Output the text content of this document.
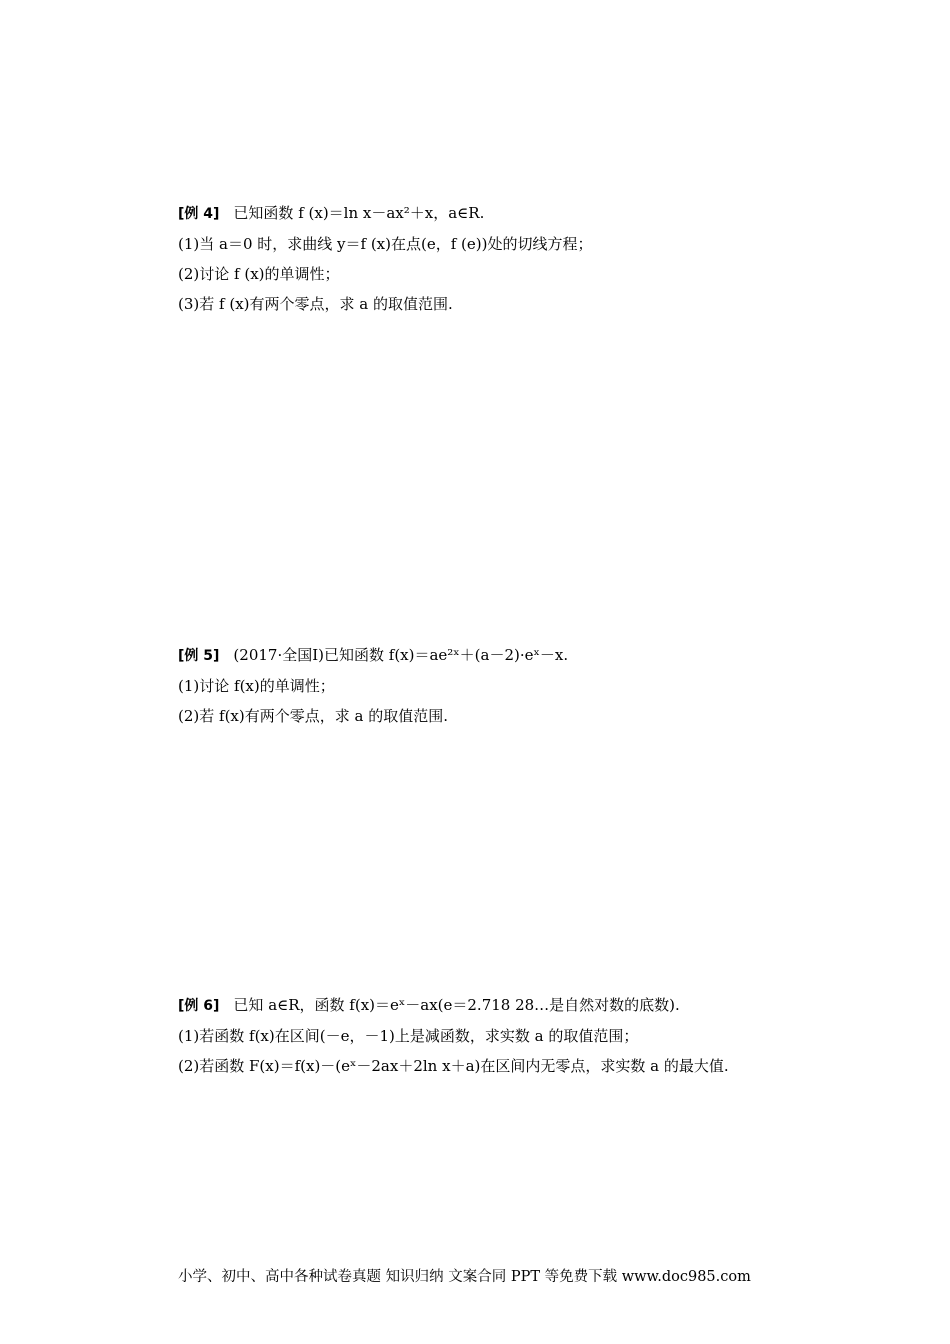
[例 4] 已知函数 f (x)＝ln x－ax²＋x，a∈R.
(1)当 a＝0 时，求曲线 y＝f (x)在点(e，f (e))处的切线方程；
(2)讨论 f (x)的单调性；
(3)若 f (x)有两个零点，求 a 的取值范围.
[例 5] (2017·全国Ⅰ)已知函数 f(x)＝ae²ˣ＋(a－2)·eˣ－x.
(1)讨论 f(x)的单调性；
(2)若 f(x)有两个零点，求 a 的取值范围.
[例 6] 已知 a∈R，函数 f(x)＝eˣ－ax(e＝2.718 28…是自然对数的底数).
(1)若函数 f(x)在区间(－e，－1)上是减函数，求实数 a 的取值范围；
(2)若函数 F(x)＝f(x)－(eˣ－2ax＋2ln x＋a)在区间内无零点，求实数 a 的最大值.
小学、初中、高中各种试卷真题 知识归纳 文案合同 PPT 等免费下载 www.doc985.com
